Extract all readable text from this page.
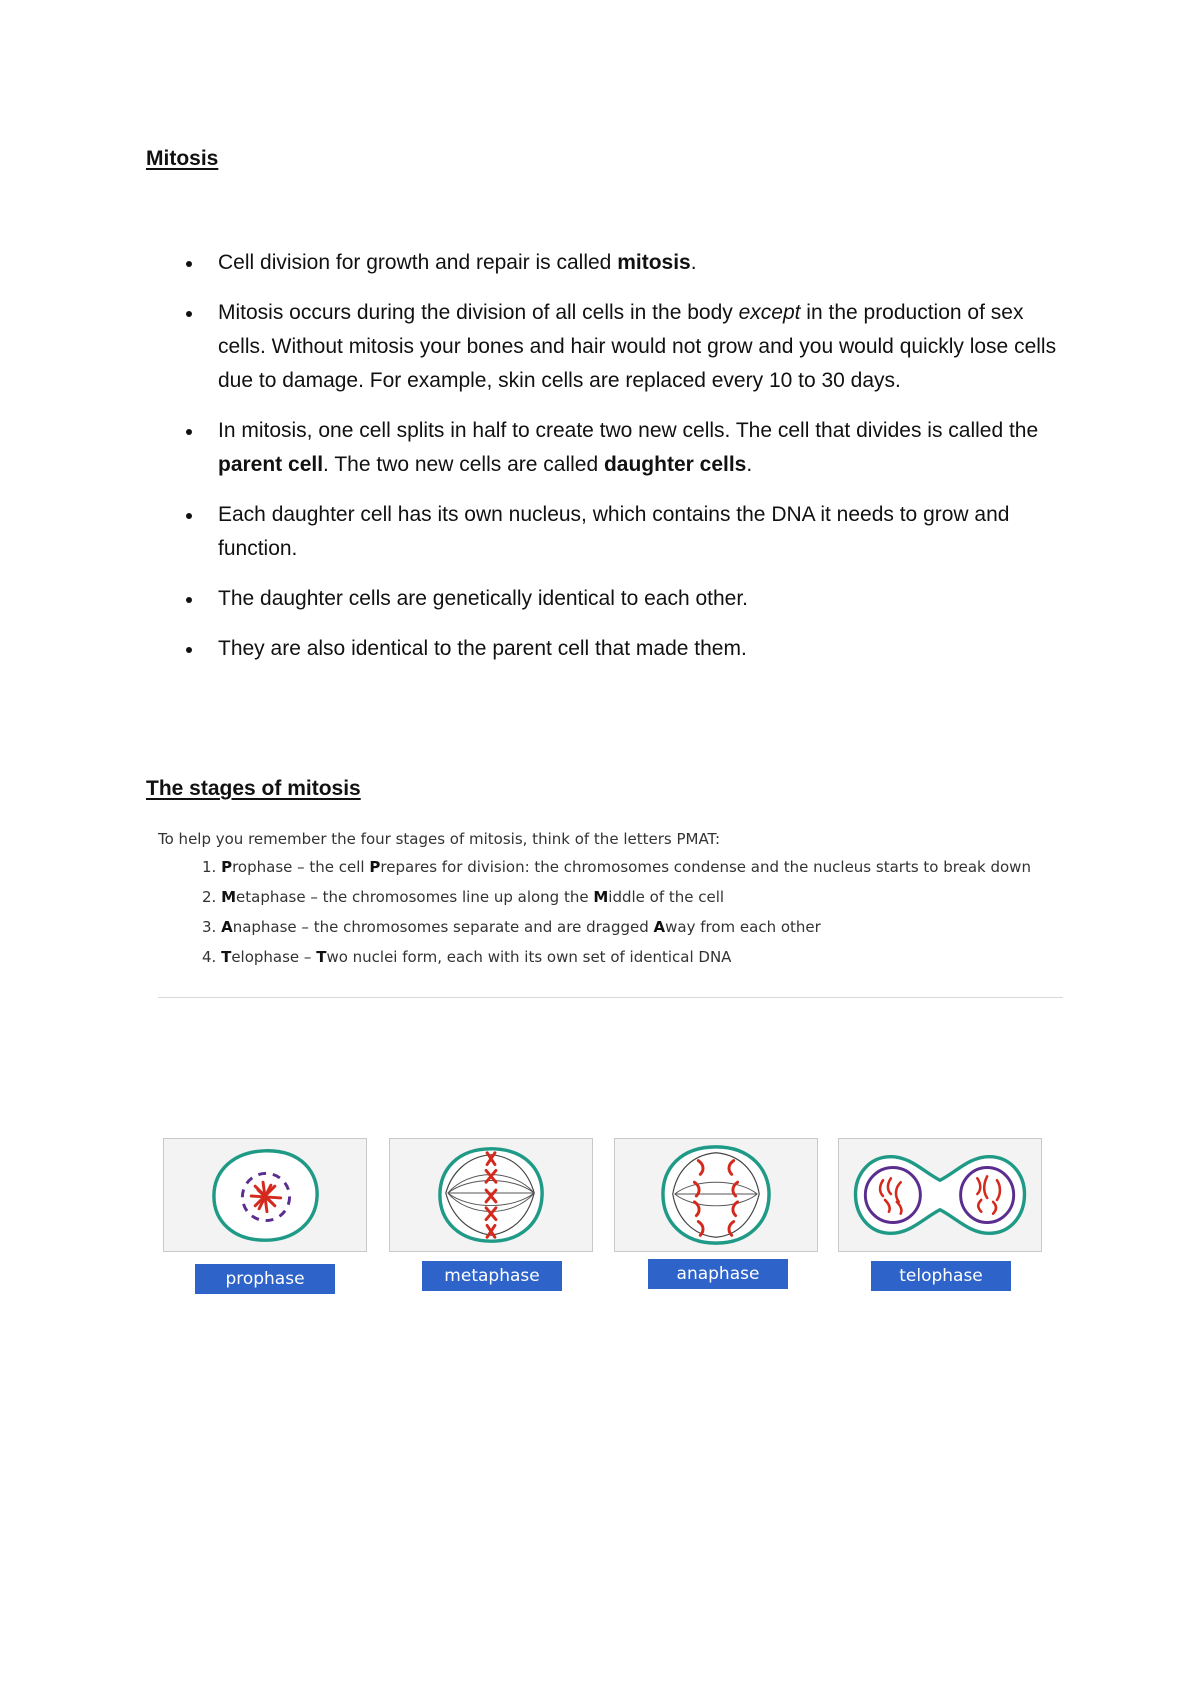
Mitosis
Cell division for growth and repair is called mitosis.
Mitosis occurs during the division of all cells in the body except in the production of sex cells. Without mitosis your bones and hair would not grow and you would quickly lose cells due to damage. For example, skin cells are replaced every 10 to 30 days.
In mitosis, one cell splits in half to create two new cells. The cell that divides is called the parent cell. The two new cells are called daughter cells.
Each daughter cell has its own nucleus, which contains the DNA it needs to grow and function.
The daughter cells are genetically identical to each other.
They are also identical to the parent cell that made them.
The stages of mitosis

To help you remember the four stages of mitosis, think of the letters PMAT:

1. Prophase – the cell Prepares for division: the chromosomes condense and the nucleus starts to break down
2. Metaphase – the chromosomes line up along the Middle of the cell
3. Anaphase – the chromosomes separate and are dragged Away from each other
4. Telophase – Two nuclei form, each with its own set of identical DNA
prophase	metaphase	anaphase	telophase
